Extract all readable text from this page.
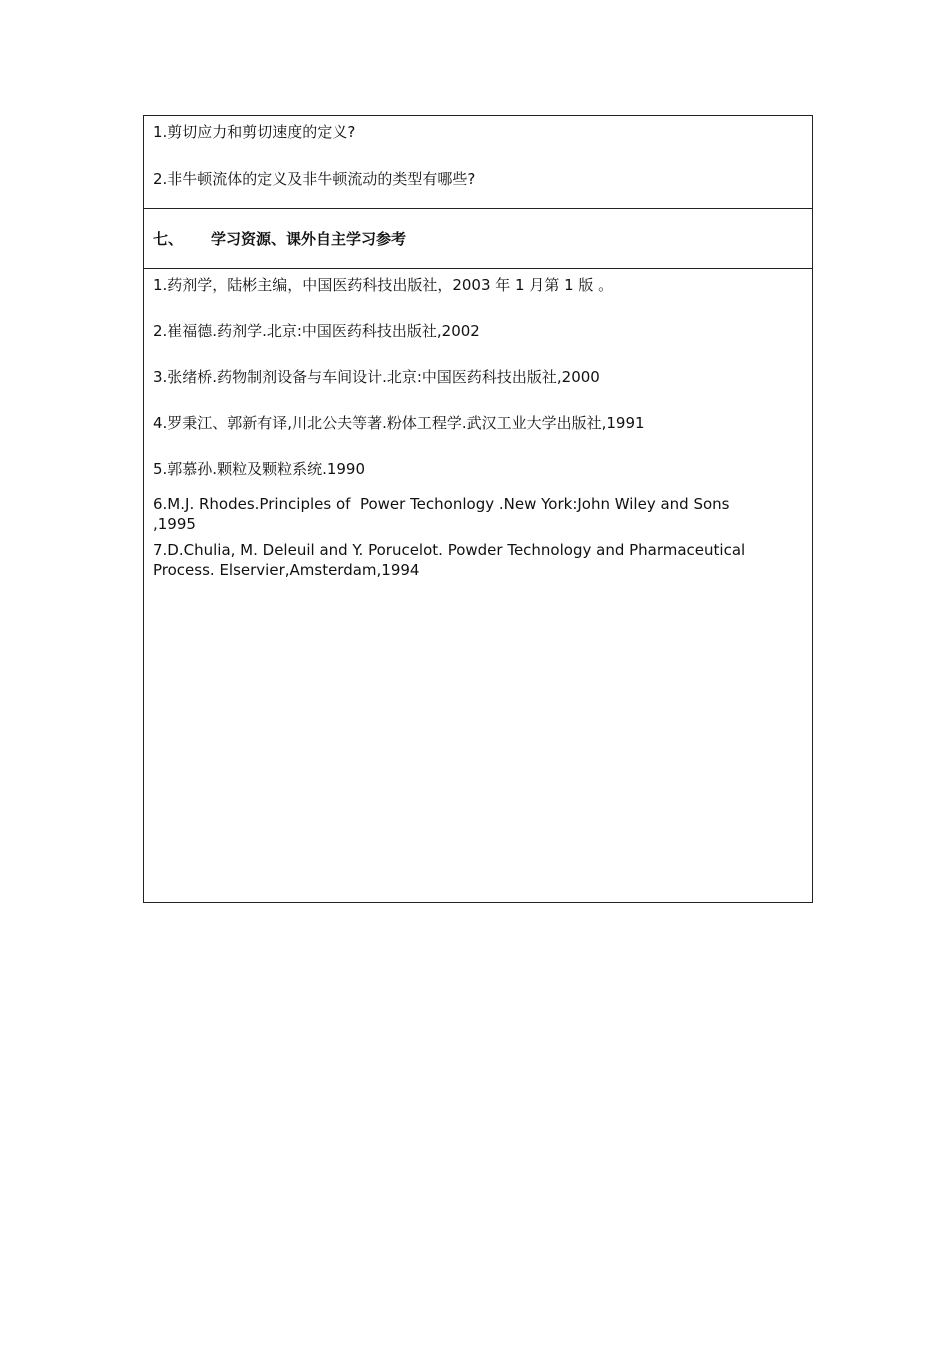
1.剪切应力和剪切速度的定义?

2.非牛顿流体的定义及非牛顿流动的类型有哪些?

七、	学习资源、课外自主学习参考

1.药剂学，陆彬主编，中国医药科技出版社，2003 年 1 月第 1 版 。

2.崔福德.药剂学.北京:中国医药科技出版社,2002

3.张绪桥.药物制剂设备与车间设计.北京:中国医药科技出版社,2000

4.罗秉江、郭新有译,川北公夫等著.粉体工程学.武汉工业大学出版社,1991

5.郭慕孙.颗粒及颗粒系统.1990

6.M.J. Rhodes.Principles of  Power Techonlogy .New York:John Wiley and Sons ,1995

7.D.Chulia, M. Deleuil and Y. Porucelot. Powder Technology and Pharmaceutical Process. Elservier,Amsterdam,1994
